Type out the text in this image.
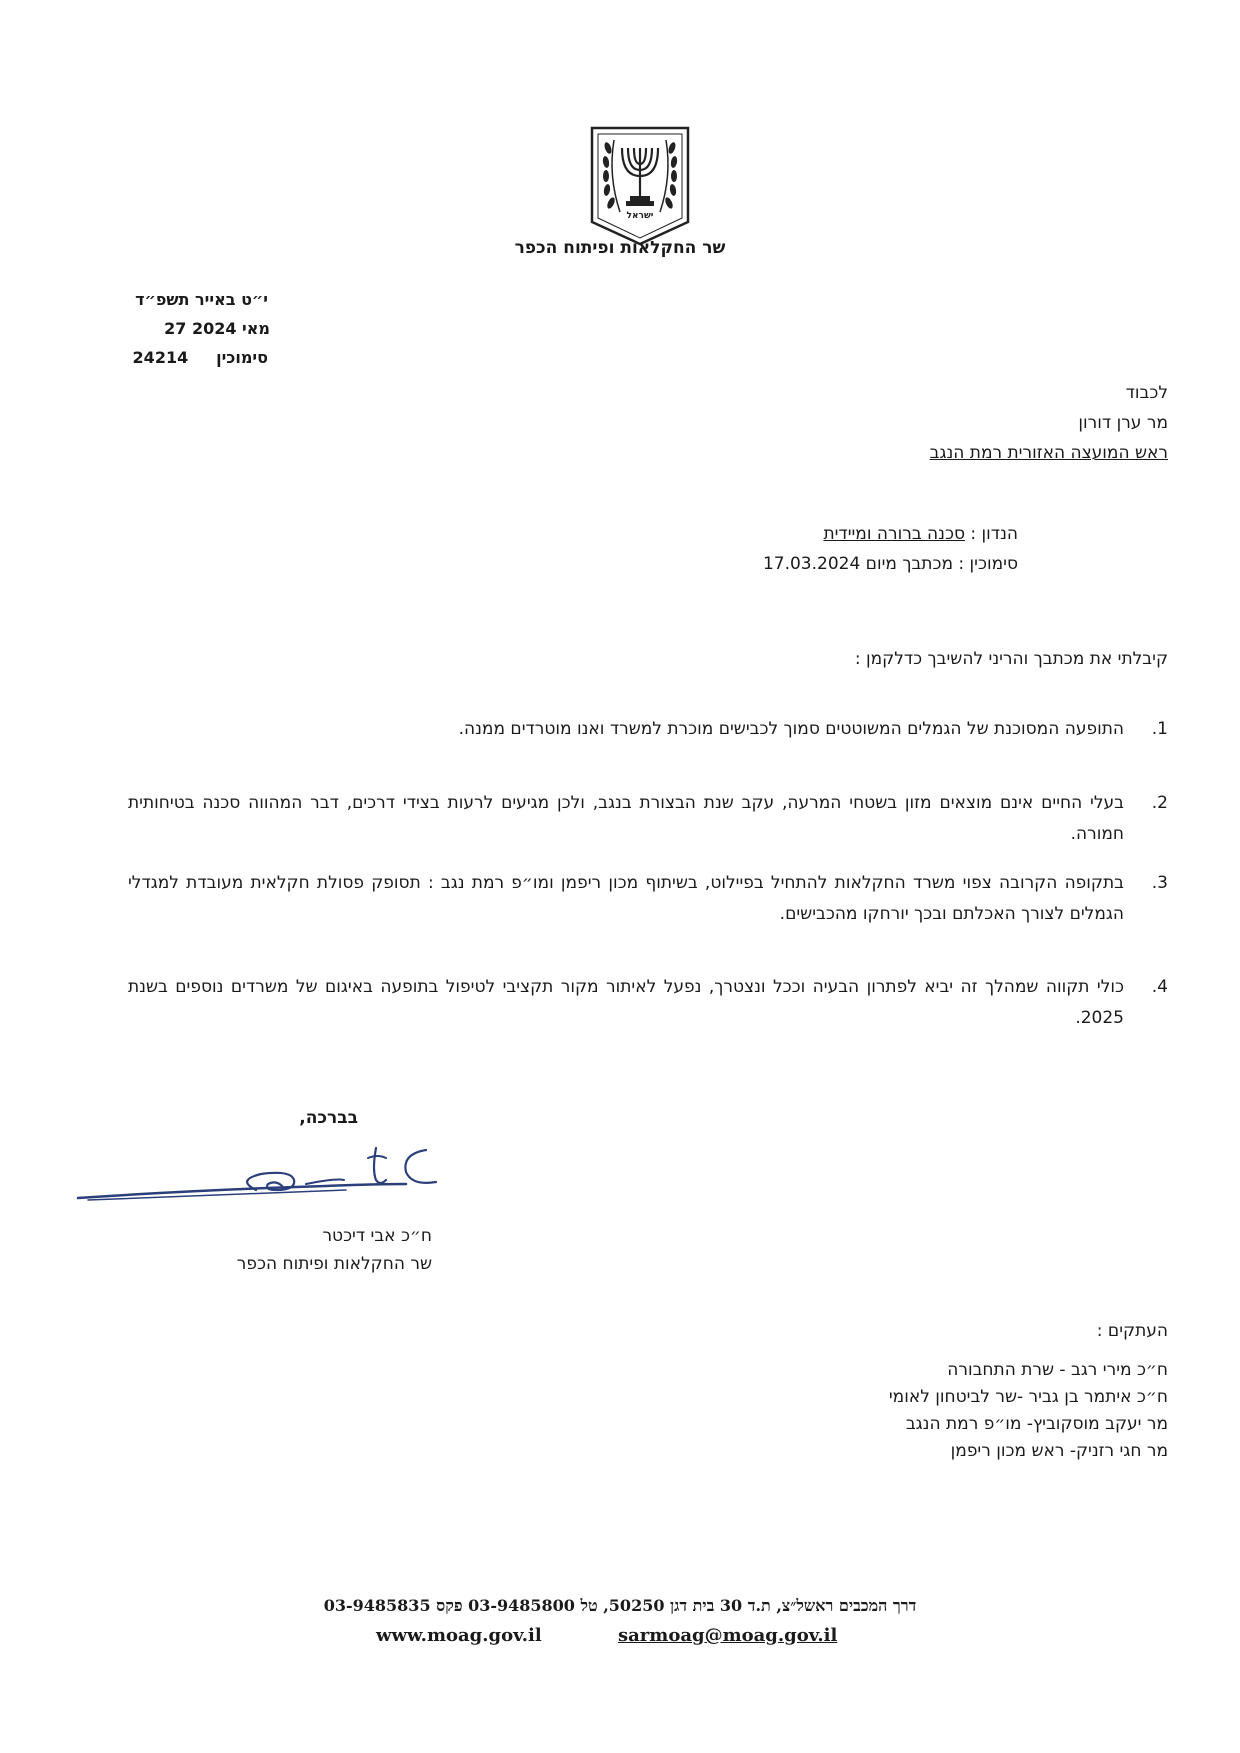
ישראל
שר החקלאות ופיתוח הכפר
י״ט באייר תשפ״ד
27 מאי 2024
סימוכין     24214
לכבוד
מר ערן דורון
ראש המועצה האזורית רמת הנגב
הנדון : סכנה ברורה ומיידית
סימוכין : מכתבך מיום 17.03.2024
קיבלתי את מכתבך והריני להשיבך כדלקמן :
1.
התופעה המסוכנת של הגמלים המשוטטים סמוך לכבישים מוכרת למשרד ואנו מוטרדים ממנה.
2.
בעלי החיים אינם מוצאים מזון בשטחי המרעה, עקב שנת הבצורת בנגב, ולכן מגיעים לרעות בצידי דרכים, דבר המהווה סכנה בטיחותית חמורה.
3.
בתקופה הקרובה צפוי משרד החקלאות להתחיל בפיילוט, בשיתוף מכון ריפמן ומו״פ רמת נגב : תסופק פסולת חקלאית מעובדת למגדלי הגמלים לצורך האכלתם ובכך יורחקו מהכבישים.
4.
כולי תקווה שמהלך זה יביא לפתרון הבעיה וככל ונצטרך, נפעל לאיתור מקור תקציבי לטיפול בתופעה באיגום של משרדים נוספים בשנת 2025.
בברכה,
ח״כ אבי דיכטר
שר החקלאות ופיתוח הכפר
העתקים :
ח״כ מירי רגב - שרת התחבורה
ח״כ איתמר בן גביר -שר לביטחון לאומי
מר יעקב מוסקוביץ- מו״פ רמת הנגב
מר חגי רזניק- ראש מכון ריפמן
דרך המכבים ראשל״צ, ת.ד 30 בית דגן 50250, טל 03-9485800 פקס 03-9485835
www.moag.gov.il	sarmoag@moag.gov.il
